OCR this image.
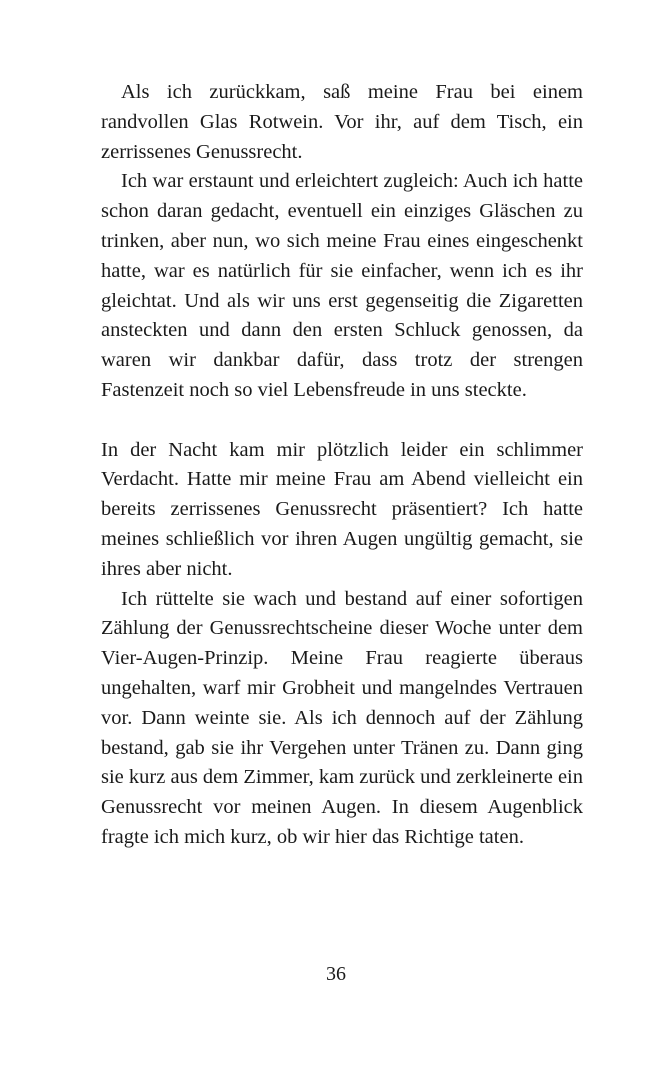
Als ich zurückkam, saß meine Frau bei einem randvollen Glas Rotwein. Vor ihr, auf dem Tisch, ein zerrissenes Genussrecht.

Ich war erstaunt und erleichtert zugleich: Auch ich hatte schon daran gedacht, eventuell ein einziges Gläschen zu trinken, aber nun, wo sich meine Frau eines eingeschenkt hatte, war es natürlich für sie einfacher, wenn ich es ihr gleichtat. Und als wir uns erst gegenseitig die Zigaretten ansteckten und dann den ersten Schluck genossen, da waren wir dankbar dafür, dass trotz der strengen Fastenzeit noch so viel Lebensfreude in uns steckte.

In der Nacht kam mir plötzlich leider ein schlimmer Verdacht. Hatte mir meine Frau am Abend vielleicht ein bereits zerrissenes Genussrecht präsentiert? Ich hatte meines schließlich vor ihren Augen ungültig gemacht, sie ihres aber nicht.

Ich rüttelte sie wach und bestand auf einer sofortigen Zählung der Genussrechtscheine dieser Woche unter dem Vier-Augen-Prinzip. Meine Frau reagierte überaus ungehalten, warf mir Grobheit und mangelndes Vertrauen vor. Dann weinte sie. Als ich dennoch auf der Zählung bestand, gab sie ihr Vergehen unter Tränen zu. Dann ging sie kurz aus dem Zimmer, kam zurück und zerkleinerte ein Genussrecht vor meinen Augen. In diesem Augenblick fragte ich mich kurz, ob wir hier das Richtige taten.

36
